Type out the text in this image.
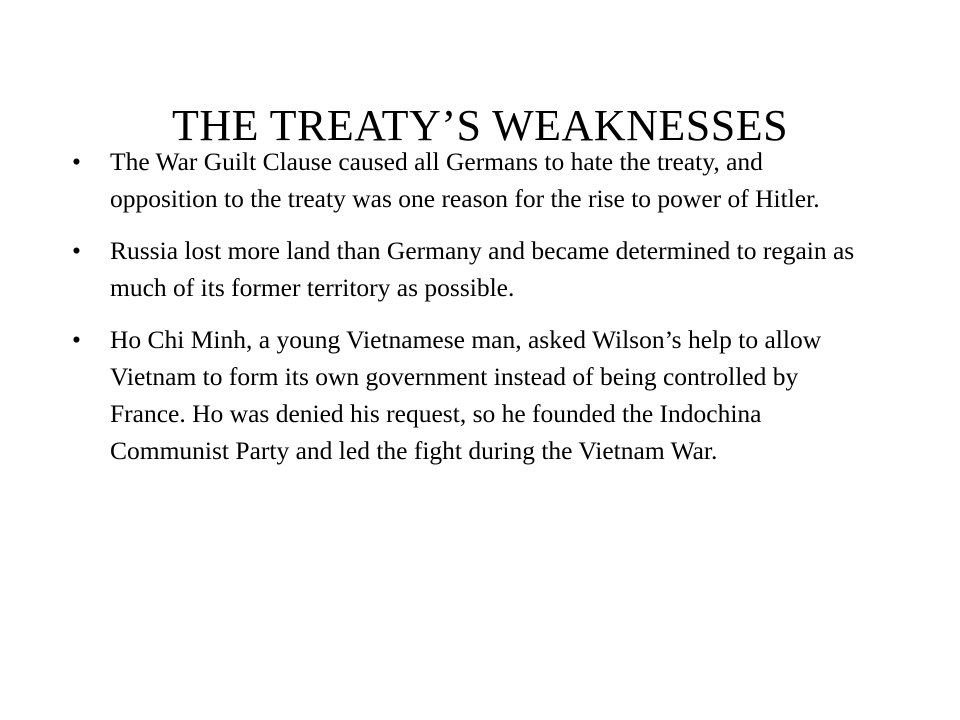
THE TREATY’S WEAKNESSES
•	The War Guilt Clause caused all Germans to hate the treaty, and opposition to the treaty was one reason for the rise to power of Hitler.
•	Russia lost more land than Germany and became determined to regain as much of its former territory as possible.
•	Ho Chi Minh, a young Vietnamese man, asked Wilson’s help to allow Vietnam to form its own government instead of being controlled by France. Ho was denied his request, so he founded the Indochina Communist Party and led the fight during the Vietnam War.
